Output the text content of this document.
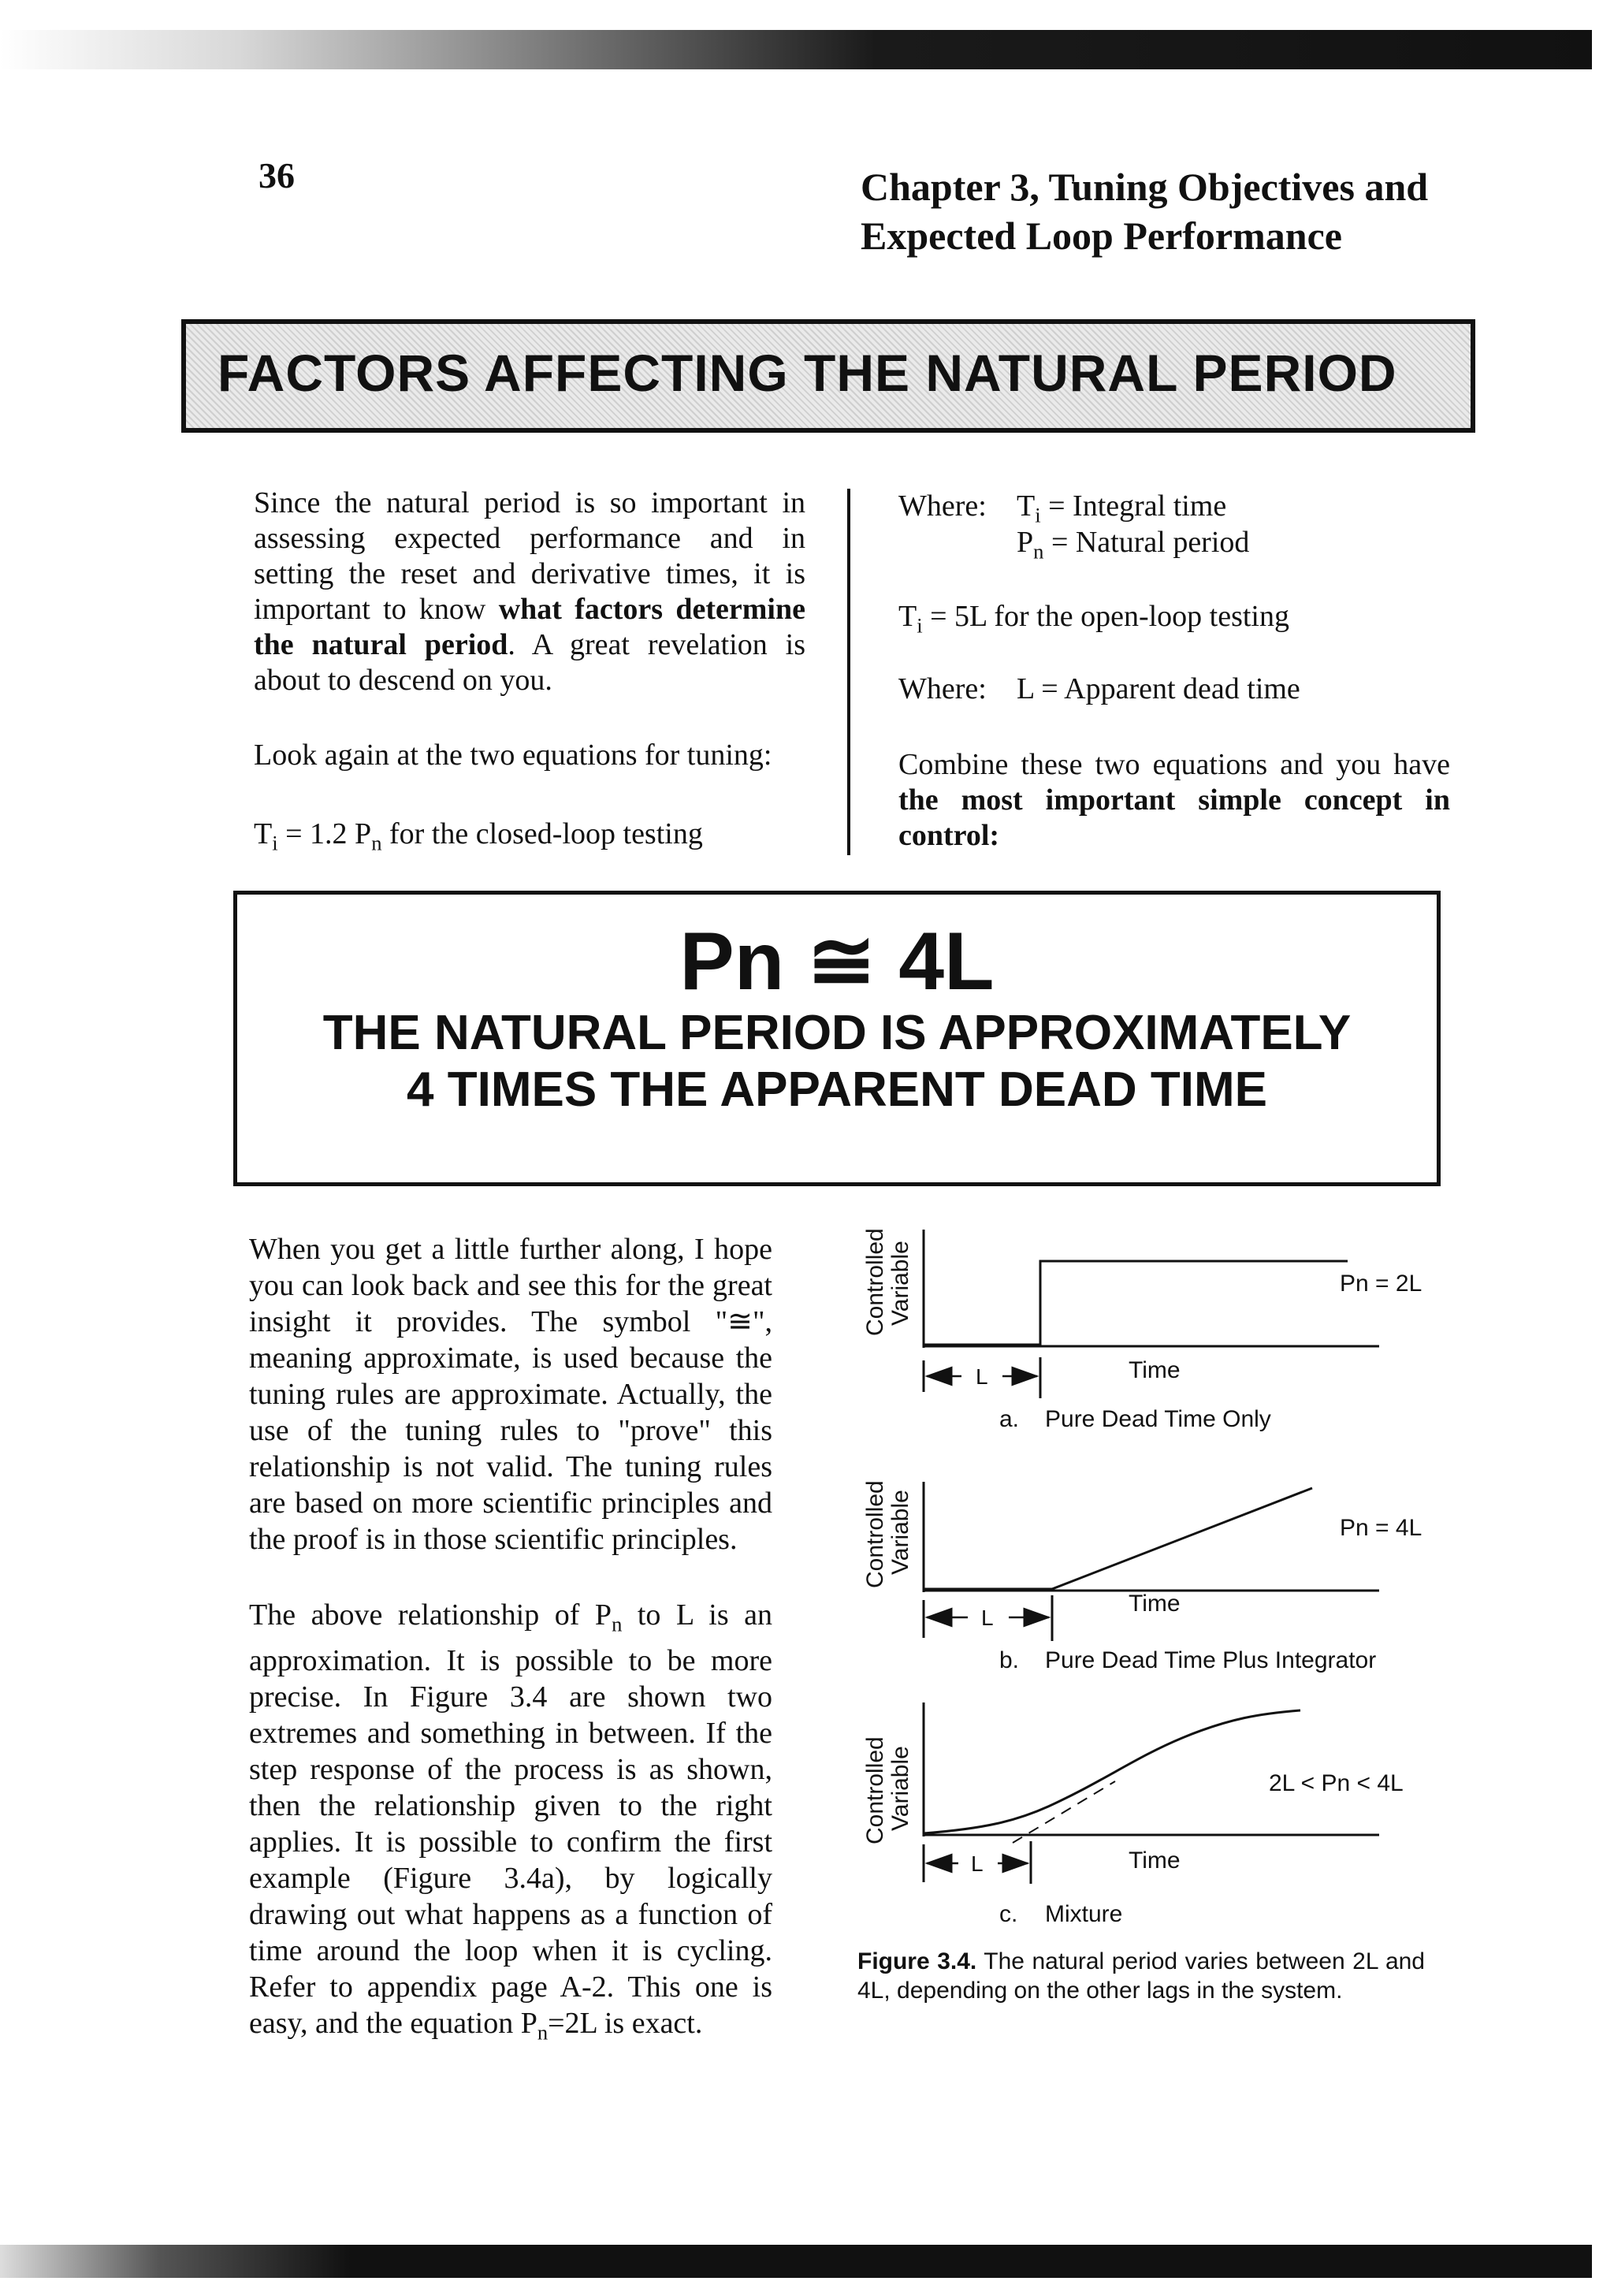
36	Chapter 3, Tuning Objectives and
Expected Loop Performance
FACTORS AFFECTING THE NATURAL PERIOD
Since the natural period is so important in assessing expected performance and in setting the reset and derivative times, it is important to know what factors determine the natural period. A great revelation is about to descend on you.
Look again at the two equations for tuning:
$T_i = 1.2$ $P_n$ for the closed-loop testing
Where: $T_i$ = Integral time
$P_n$ = Natural period
$T_i = 5L$ for the open-loop testing
Where: L = Apparent dead time
Combine these two equations and you have the most important simple concept in control:
Pn ≅ 4L
THE NATURAL PERIOD IS APPROXIMATELY
4 TIMES THE APPARENT DEAD TIME
When you get a little further along, I hope you can look back and see this for the great insight it provides. The symbol "≅", meaning approximate, is used because the tuning rules are approximate. Actually, the use of the tuning rules to "prove" this relationship is not valid. The tuning rules are based on more scientific principles and the proof is in those scientific principles.
The above relationship of $P_n$ to L is an approximation. It is possible to be more precise. In Figure 3.4 are shown two extremes and something in between. If the step response of the process is as shown, then the relationship given to the right applies. It is possible to confirm the first example (Figure 3.4a), by logically drawing out what happens as a function of time around the loop when it is cycling. Refer to appendix page A-2. This one is easy, and the equation $P_n=2L$ is exact.
Controlled Variable
L	Time
Pn = 2L
a. Pure Dead Time Only
Controlled Variable
L
Time
Pn = 4L
b. Pure Dead Time Plus Integrator
Controlled Variable
L	Time
2L < Pn < 4L
c. Mixture
Figure 3.4. The natural period varies between 2L and 4L, depending on the other lags in the system.
